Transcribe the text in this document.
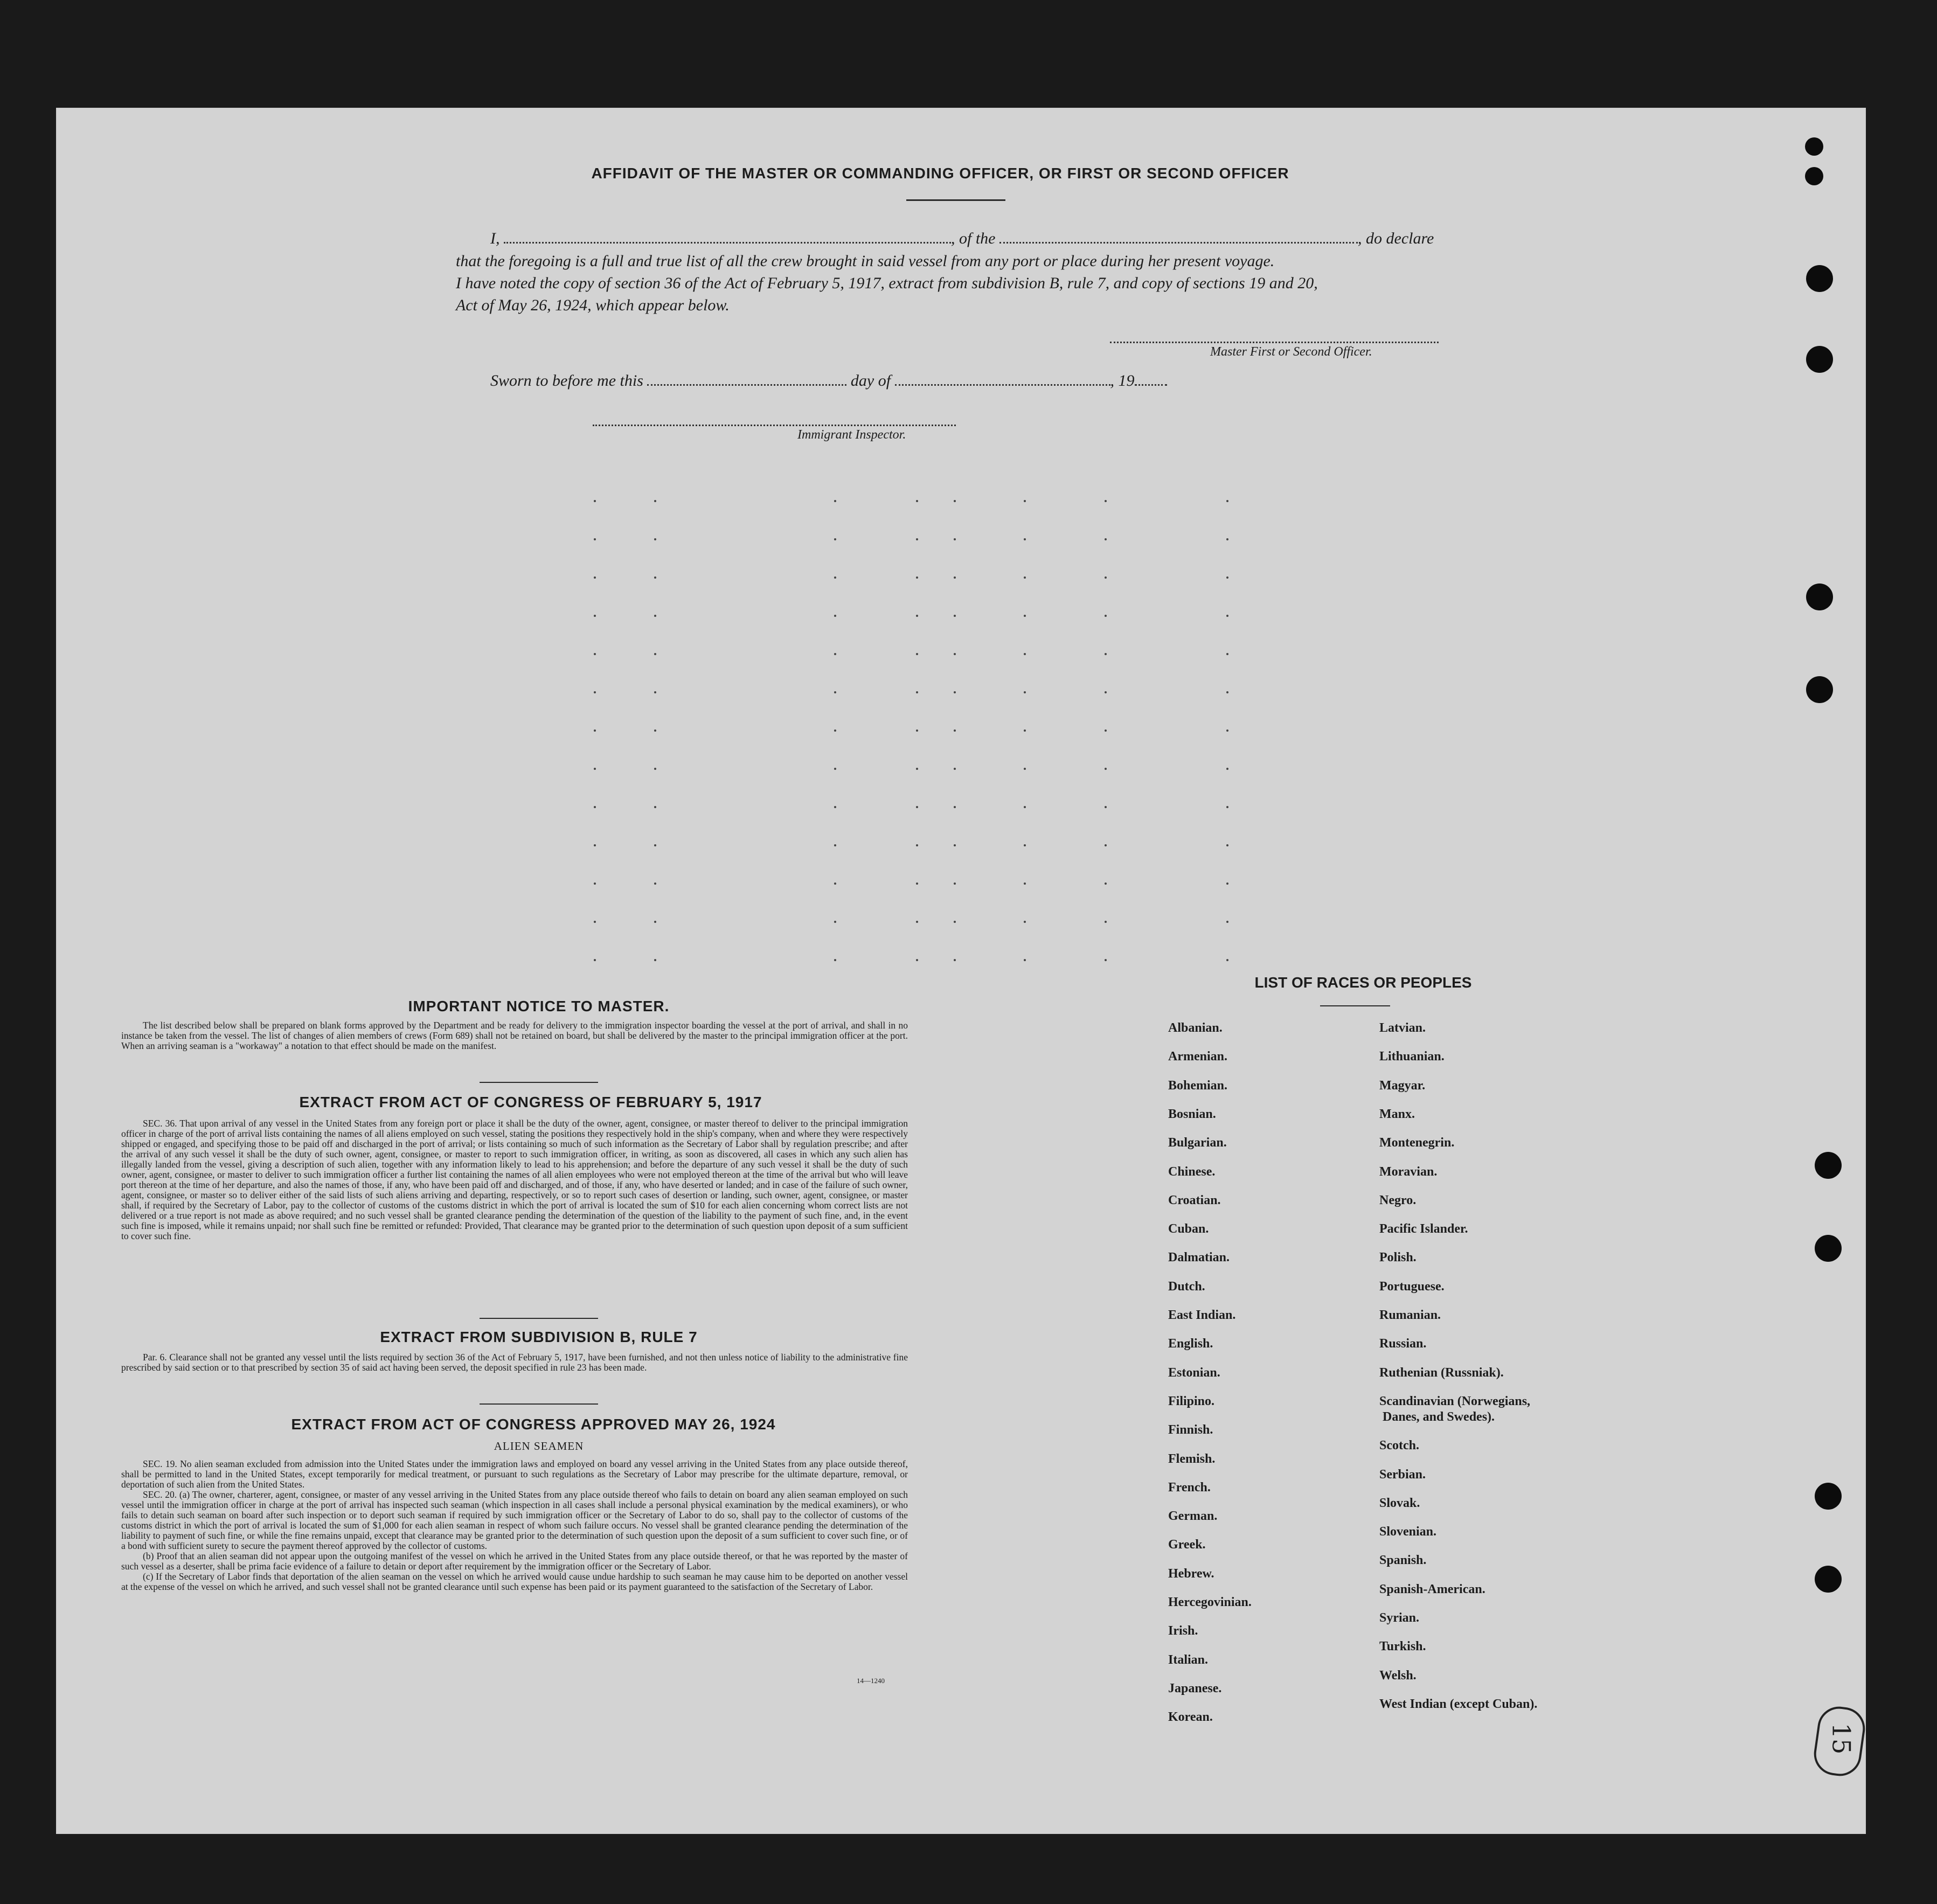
AFFIDAVIT OF THE MASTER OR COMMANDING OFFICER, OR FIRST OR SECOND OFFICER
I,	, of the	, do declare
that the foregoing is a full and true list of all the crew brought in said vessel from any port or place during her present voyage.
I have noted the copy of section 36 of the Act of February 5, 1917, extract from subdivision B, rule 7, and copy of sections 19 and 20,
Act of May 26, 1924, which appear below.
Master First or Second Officer.
Sworn to before me this	day of	, 19
Immigrant Inspector.
IMPORTANT NOTICE TO MASTER.

The list described below shall be prepared on blank forms approved by the Department and be ready for delivery to the immigration inspector boarding the vessel at the port of arrival, and shall in no instance be taken from the vessel. The list of changes of alien members of crews (Form 689) shall not be retained on board, but shall be delivered by the master to the principal immigration officer at the port. When an arriving seaman is a "workaway" a notation to that effect should be made on the manifest.

EXTRACT FROM ACT OF CONGRESS OF FEBRUARY 5, 1917

SEC. 36. That upon arrival of any vessel in the United States from any foreign port or place it shall be the duty of the owner, agent, consignee, or master thereof to deliver to the principal immigration officer in charge of the port of arrival lists containing the names of all aliens employed on such vessel, stating the positions they respectively hold in the ship's company, when and where they were respectively shipped or engaged, and specifying those to be paid off and discharged in the port of arrival; or lists containing so much of such information as the Secretary of Labor shall by regulation prescribe; and after the arrival of any such vessel it shall be the duty of such owner, agent, consignee, or master to report to such immigration officer, in writing, as soon as discovered, all cases in which any such alien has illegally landed from the vessel, giving a description of such alien, together with any information likely to lead to his apprehension; and before the departure of any such vessel it shall be the duty of such owner, agent, consignee, or master to deliver to such immigration officer a further list containing the names of all alien employees who were not employed thereon at the time of the arrival but who will leave port thereon at the time of her departure, and also the names of those, if any, who have been paid off and discharged, and of those, if any, who have deserted or landed; and in case of the failure of such owner, agent, consignee, or master so to deliver either of the said lists of such aliens arriving and departing, respectively, or so to report such cases of desertion or landing, such owner, agent, consignee, or master shall, if required by the Secretary of Labor, pay to the collector of customs of the customs district in which the port of arrival is located the sum of $10 for each alien concerning whom correct lists are not delivered or a true report is not made as above required; and no such vessel shall be granted clearance pending the determination of the question of the liability to the payment of such fine, and, in the event such fine is imposed, while it remains unpaid; nor shall such fine be remitted or refunded: Provided, That clearance may be granted prior to the determination of such question upon deposit of a sum sufficient to cover such fine.

EXTRACT FROM SUBDIVISION B, RULE 7

Par. 6. Clearance shall not be granted any vessel until the lists required by section 36 of the Act of February 5, 1917, have been furnished, and not then unless notice of liability to the administrative fine prescribed by said section or to that prescribed by section 35 of said act having been served, the deposit specified in rule 23 has been made.

EXTRACT FROM ACT OF CONGRESS APPROVED MAY 26, 1924
ALIEN SEAMEN

SEC. 19. No alien seaman excluded from admission into the United States under the immigration laws and employed on board any vessel arriving in the United States from any place outside thereof, shall be permitted to land in the United States, except temporarily for medical treatment, or pursuant to such regulations as the Secretary of Labor may prescribe for the ultimate departure, removal, or deportation of such alien from the United States.

SEC. 20. (a) The owner, charterer, agent, consignee, or master of any vessel arriving in the United States from any place outside thereof who fails to detain on board any alien seaman employed on such vessel until the immigration officer in charge at the port of arrival has inspected such seaman (which inspection in all cases shall include a personal physical examination by the medical examiners), or who fails to detain such seaman on board after such inspection or to deport such seaman if required by such immigration officer or the Secretary of Labor to do so, shall pay to the collector of customs of the customs district in which the port of arrival is located the sum of $1,000 for each alien seaman in respect of whom such failure occurs. No vessel shall be granted clearance pending the determination of the liability to payment of such fine, or while the fine remains unpaid, except that clearance may be granted prior to the determination of such question upon the deposit of a sum sufficient to cover such fine, or of a bond with sufficient surety to secure the payment thereof approved by the collector of customs.

(b) Proof that an alien seaman did not appear upon the outgoing manifest of the vessel on which he arrived in the United States from any place outside thereof, or that he was reported by the master of such vessel as a deserter, shall be prima facie evidence of a failure to detain or deport after requirement by the immigration officer or the Secretary of Labor.

(c) If the Secretary of Labor finds that deportation of the alien seaman on the vessel on which he arrived would cause undue hardship to such seaman he may cause him to be deported on another vessel at the expense of the vessel on which he arrived, and such vessel shall not be granted clearance until such expense has been paid or its payment guaranteed to the satisfaction of the Secretary of Labor.

14—1240
LIST OF RACES OR PEOPLES
Albanian.
Armenian.
Bohemian.
Bosnian.
Bulgarian.
Chinese.
Croatian.
Cuban.
Dalmatian.
Dutch.
East Indian.
English.
Estonian.
Filipino.
Finnish.
Flemish.
French.
German.
Greek.
Hebrew.
Hercegovinian.
Irish.
Italian.
Japanese.
Korean.
Latvian.
Lithuanian.
Magyar.
Manx.
Montenegrin.
Moravian.
Negro.
Pacific Islander.
Polish.
Portuguese.
Rumanian.
Russian.
Ruthenian (Russniak).
Scandinavian (Norwegians,
Danes, and Swedes).
Scotch.
Serbian.
Slovak.
Slovenian.
Spanish.
Spanish-American.
Syrian.
Turkish.
Welsh.
West Indian (except Cuban).
15
